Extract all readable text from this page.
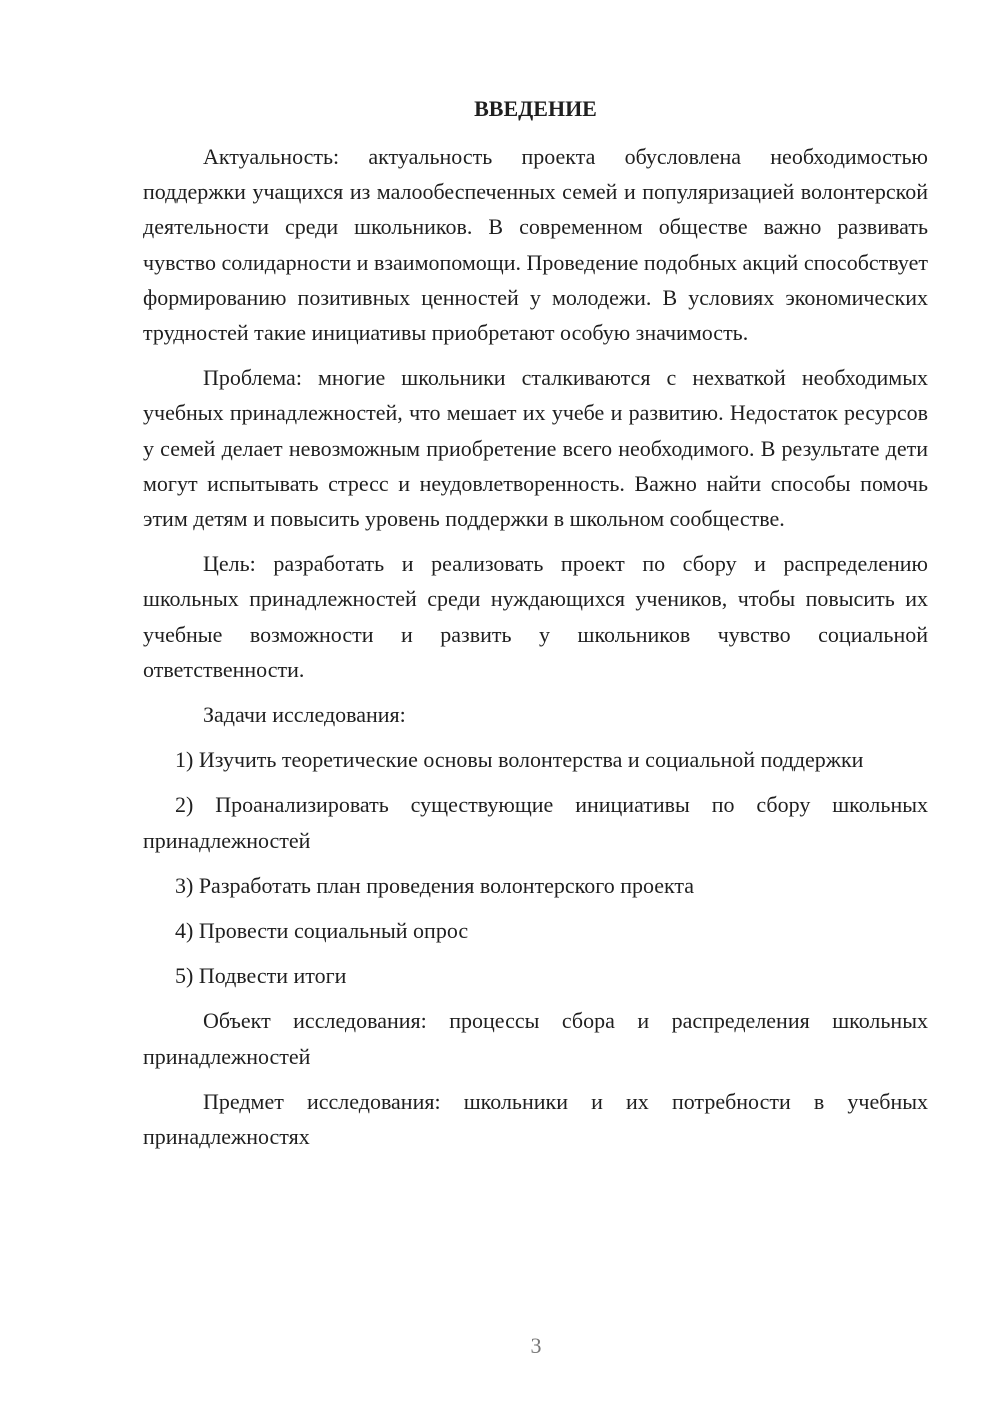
ВВЕДЕНИЕ

Актуальность: актуальность проекта обусловлена необходимостью поддержки учащихся из малообеспеченных семей и популяризацией волонтерской деятельности среди школьников. В современном обществе важно развивать чувство солидарности и взаимопомощи. Проведение подобных акций способствует формированию позитивных ценностей у молодежи. В условиях экономических трудностей такие инициативы приобретают особую значимость.

Проблема: многие школьники сталкиваются с нехваткой необходимых учебных принадлежностей, что мешает их учебе и развитию. Недостаток ресурсов у семей делает невозможным приобретение всего необходимого. В результате дети могут испытывать стресс и неудовлетворенность. Важно найти способы помочь этим детям и повысить уровень поддержки в школьном сообществе.

Цель: разработать и реализовать проект по сбору и распределению школьных принадлежностей среди нуждающихся учеников, чтобы повысить их учебные возможности и развить у школьников чувство социальной ответственности.

Задачи исследования:

1) Изучить теоретические основы волонтерства и социальной поддержки

2) Проанализировать существующие инициативы по сбору школьных принадлежностей

3) Разработать план проведения волонтерского проекта

4) Провести социальный опрос

5) Подвести итоги

Объект исследования: процессы сбора и распределения школьных принадлежностей

Предмет исследования: школьники и их потребности в учебных принадлежностях

3
